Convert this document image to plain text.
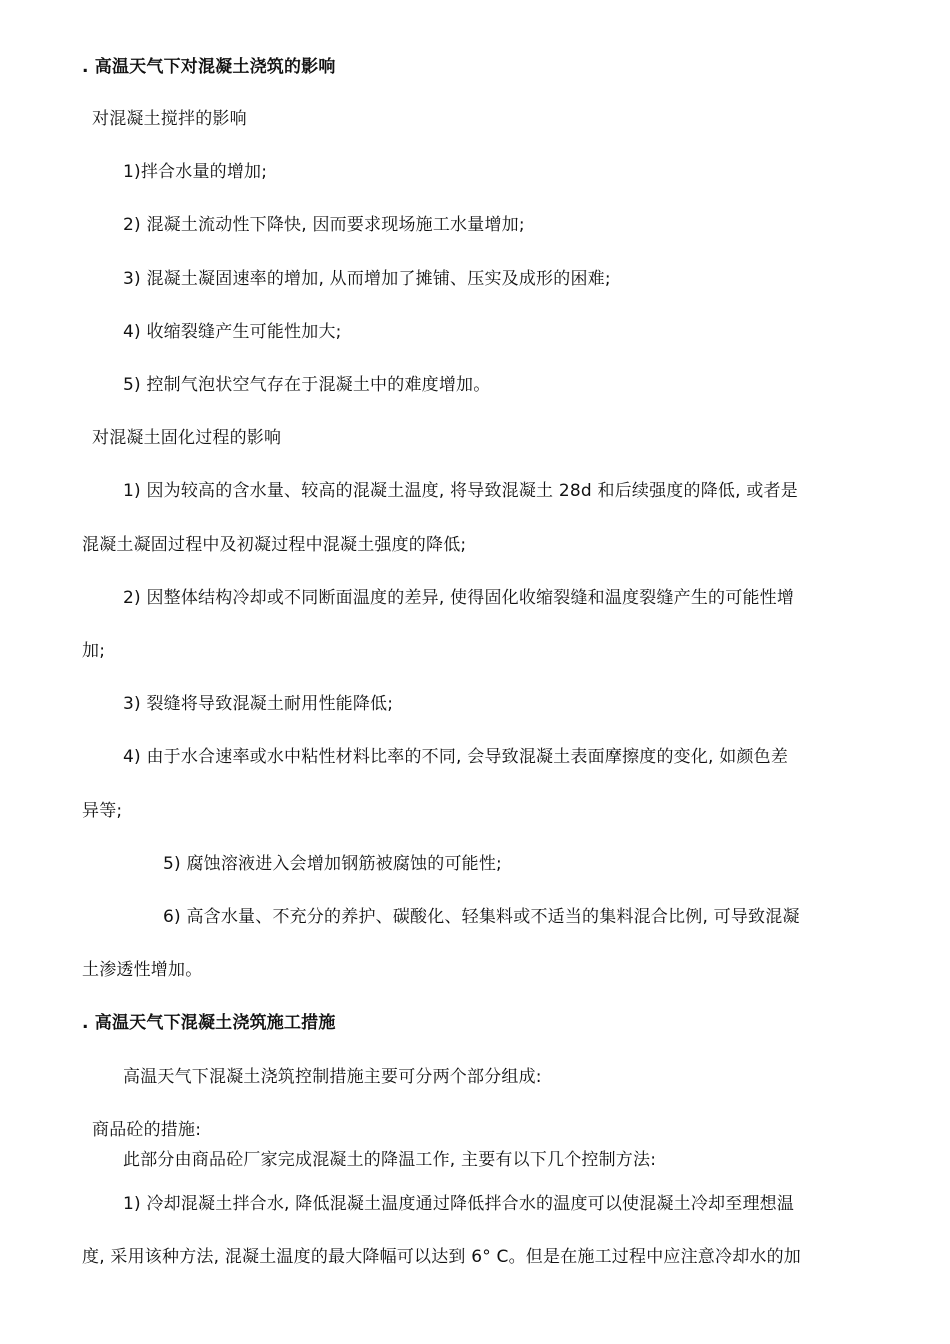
. 高温天气下对混凝土浇筑的影响
对混凝土搅拌的影响
1)拌合水量的增加;
2) 混凝土流动性下降快, 因而要求现场施工水量增加;
3) 混凝土凝固速率的增加, 从而增加了摊铺、压实及成形的困难;
4) 收缩裂缝产生可能性加大;
5) 控制气泡状空气存在于混凝土中的难度增加。
对混凝土固化过程的影响
1) 因为较高的含水量、较高的混凝土温度, 将导致混凝土 28d 和后续强度的降低, 或者是
混凝土凝固过程中及初凝过程中混凝土强度的降低;
2) 因整体结构冷却或不同断面温度的差异, 使得固化收缩裂缝和温度裂缝产生的可能性增
加;
3) 裂缝将导致混凝土耐用性能降低;
4) 由于水合速率或水中粘性材料比率的不同, 会导致混凝土表面摩擦度的变化, 如颜色差
异等;
5) 腐蚀溶液进入会增加钢筋被腐蚀的可能性;
6) 高含水量、不充分的养护、碳酸化、轻集料或不适当的集料混合比例, 可导致混凝
土渗透性增加。
. 高温天气下混凝土浇筑施工措施
高温天气下混凝土浇筑控制措施主要可分两个部分组成:
商品砼的措施:
此部分由商品砼厂家完成混凝土的降温工作, 主要有以下几个控制方法:
1) 冷却混凝土拌合水, 降低混凝土温度通过降低拌合水的温度可以使混凝土冷却至理想温
度, 采用该种方法, 混凝土温度的最大降幅可以达到 6° C。但是在施工过程中应注意冷却水的加
